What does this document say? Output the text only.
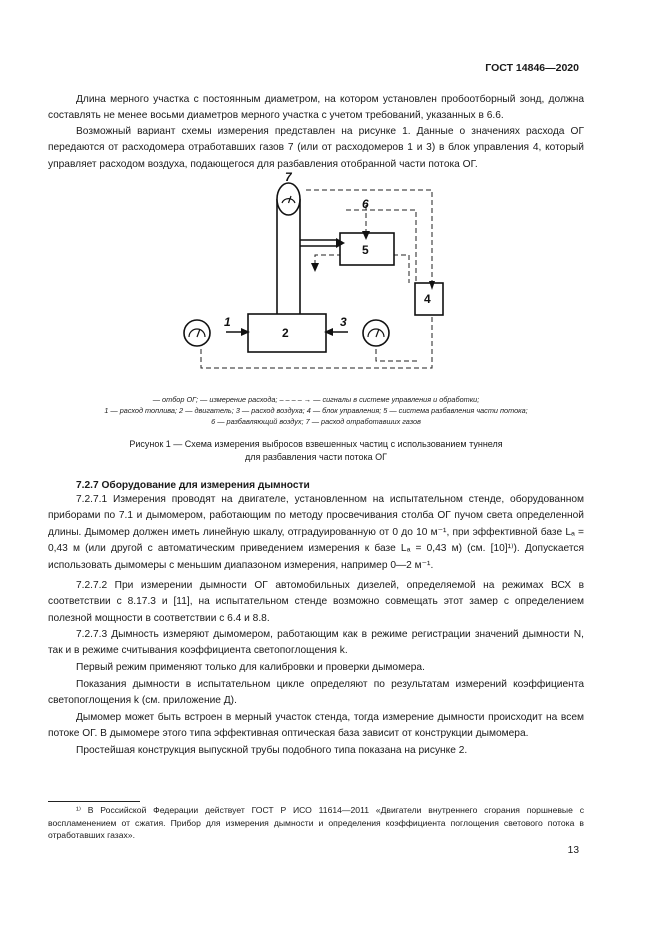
ГОСТ 14846—2020
Длина мерного участка с постоянным диаметром, на котором установлен пробоотборный зонд, должна составлять не менее восьми диаметров мерного участка с учетом требований, указанных в 6.6.
Возможный вариант схемы измерения представлен на рисунке 1. Данные о значениях расхода ОГ передаются от расходомера отработавших газов 7 (или от расходомеров 1 и 3) в блок управления 4, который управляет расходом воздуха, подающегося для разбавления отобранной части потока ОГ.
1
2
3
4
5
6
7
— отбор ОГ; — измерение расхода; – – – – → — сигналы в системе управления и обработки;
1 — расход топлива; 2 — двигатель; 3 — расход воздуха; 4 — блок управления; 5 — система разбавления части потока;
6 — разбавляющий воздух; 7 — расход отработавших газов
Рисунок 1 — Схема измерения выбросов взвешенных частиц с использованием туннеля
для разбавления части потока ОГ
7.2.7 Оборудование для измерения дымности
7.2.7.1 Измерения проводят на двигателе, установленном на испытательном стенде, оборудованном приборами по 7.1 и дымомером, работающим по методу просвечивания столба ОГ пучом света определенной длины. Дымомер должен иметь линейную шкалу, отградуированную от 0 до 10 м⁻¹, при эффективной базе Lₐ = 0,43 м (или другой с автоматическим приведением измерения к базе Lₐ = 0,43 м) (см. [10]¹⁾). Допускается использовать дымомеры с меньшим диапазоном измерения, например 0—2 м⁻¹.
7.2.7.2 При измерении дымности ОГ автомобильных дизелей, определяемой на режимах ВСХ в соответствии с 8.17.3 и [11], на испытательном стенде возможно совмещать этот замер с определением полезной мощности в соответствии с 6.4 и 8.8.
7.2.7.3 Дымность измеряют дымомером, работающим как в режиме регистрации значений дымности N, так и в режиме считывания коэффициента светопоглощения k.
Первый режим применяют только для калибровки и проверки дымомера.
Показания дымности в испытательном цикле определяют по результатам измерений коэффициента светопоглощения k (см. приложение Д).
Дымомер может быть встроен в мерный участок стенда, тогда измерение дымности происходит на всем потоке ОГ. В дымомере этого типа эффективная оптическая база зависит от конструкции дымомера.
Простейшая конструкция выпускной трубы подобного типа показана на рисунке 2.
¹⁾ В Российской Федерации действует ГОСТ Р ИСО 11614—2011 «Двигатели внутреннего сгорания поршневые с воспламенением от сжатия. Прибор для измерения дымности и определения коэффициента поглощения светового потока в отработавших газах».
13
